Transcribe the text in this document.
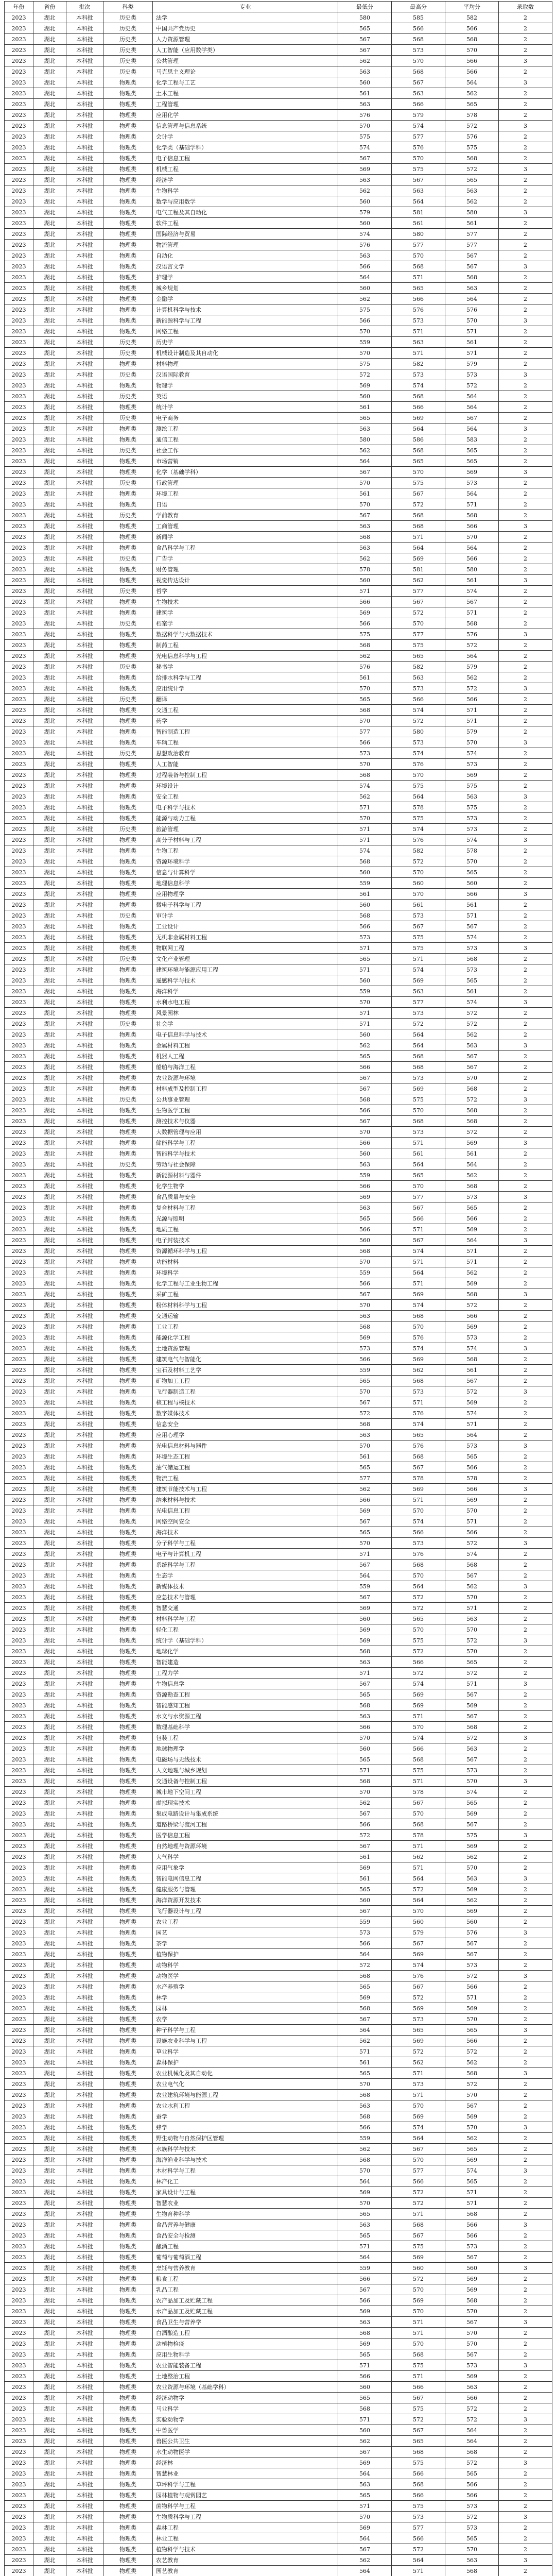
年份	省份	批次	科类	专业	最低分	最高分	平均分	录取数
2023	湖北	本科批	历史类	法学	580	585	582	2
2023	湖北	本科批	历史类	中国共产党历史	565	566	566	2
2023	湖北	本科批	历史类	人力资源管理	567	568	568	2
2023	湖北	本科批	历史类	人工智能（应用数学类）	567	573	570	2
2023	湖北	本科批	历史类	公共管理	562	570	566	3
2023	湖北	本科批	历史类	马克思主义理论	563	568	566	2
2023	湖北	本科批	物理类	化学工程与工艺	560	567	564	3
2023	湖北	本科批	物理类	土木工程	561	563	562	2
2023	湖北	本科批	物理类	工程管理	563	566	565	2
2023	湖北	本科批	物理类	应用化学	576	579	578	2
2023	湖北	本科批	物理类	信息管理与信息系统	570	574	572	3
2023	湖北	本科批	物理类	会计学	575	577	576	2
2023	湖北	本科批	物理类	化学类（基础学科）	574	576	575	2
2023	湖北	本科批	物理类	电子信息工程	567	570	568	2
2023	湖北	本科批	物理类	机械工程	569	575	572	3
2023	湖北	本科批	物理类	经济学	563	567	565	2
2023	湖北	本科批	物理类	生物科学	562	563	563	2
2023	湖北	本科批	物理类	数学与应用数学	560	564	562	2
2023	湖北	本科批	物理类	电气工程及其自动化	579	581	580	3
2023	湖北	本科批	物理类	软件工程	560	561	561	2
2023	湖北	本科批	物理类	国际经济与贸易	574	580	577	2
2023	湖北	本科批	物理类	物流管理	576	577	577	2
2023	湖北	本科批	物理类	自动化	563	570	567	2
2023	湖北	本科批	物理类	汉语言文学	566	568	567	3
2023	湖北	本科批	物理类	护理学	564	571	568	2
2023	湖北	本科批	物理类	城乡规划	560	565	563	2
2023	湖北	本科批	物理类	金融学	562	566	564	2
2023	湖北	本科批	物理类	计算机科学与技术	575	576	576	2
2023	湖北	本科批	物理类	新能源科学与工程	566	573	570	3
2023	湖北	本科批	物理类	网络工程	570	571	571	2
2023	湖北	本科批	历史类	历史学	559	563	561	2
2023	湖北	本科批	历史类	机械设计制造及其自动化	570	571	571	2
2023	湖北	本科批	物理类	材料物理	575	582	579	2
2023	湖北	本科批	历史类	汉语国际教育	572	573	573	3
2023	湖北	本科批	物理类	物理学	569	574	572	2
2023	湖北	本科批	历史类	英语	560	568	564	2
2023	湖北	本科批	物理类	统计学	561	566	564	2
2023	湖北	本科批	历史类	电子商务	565	569	567	2
2023	湖北	本科批	物理类	测绘工程	563	564	564	3
2023	湖北	本科批	物理类	通信工程	580	586	583	2
2023	湖北	本科批	历史类	社会工作	562	568	565	2
2023	湖北	本科批	物理类	市场营销	564	565	565	2
2023	湖北	本科批	物理类	化学（基础学科）	567	570	569	3
2023	湖北	本科批	历史类	行政管理	570	575	573	2
2023	湖北	本科批	物理类	环境工程	561	567	564	2
2023	湖北	本科批	物理类	日语	570	572	571	2
2023	湖北	本科批	历史类	学前教育	567	568	568	2
2023	湖北	本科批	物理类	工商管理	563	568	566	3
2023	湖北	本科批	物理类	新闻学	568	571	570	2
2023	湖北	本科批	物理类	食品科学与工程	563	564	564	2
2023	湖北	本科批	历史类	广告学	562	569	566	2
2023	湖北	本科批	物理类	财务管理	578	581	580	2
2023	湖北	本科批	物理类	视觉传达设计	560	562	561	3
2023	湖北	本科批	历史类	哲学	571	577	574	2
2023	湖北	本科批	物理类	生物技术	566	567	567	2
2023	湖北	本科批	物理类	建筑学	569	572	571	2
2023	湖北	本科批	历史类	档案学	566	570	568	2
2023	湖北	本科批	物理类	数据科学与大数据技术	575	577	576	3
2023	湖北	本科批	物理类	制药工程	568	575	572	2
2023	湖北	本科批	物理类	光电信息科学与工程	562	565	564	2
2023	湖北	本科批	历史类	秘书学	576	582	579	2
2023	湖北	本科批	物理类	给排水科学与工程	561	563	562	2
2023	湖北	本科批	物理类	应用统计学	570	573	572	3
2023	湖北	本科批	历史类	翻译	565	566	566	2
2023	湖北	本科批	物理类	交通工程	568	574	571	2
2023	湖北	本科批	物理类	药学	570	572	571	2
2023	湖北	本科批	物理类	智能制造工程	577	580	579	2
2023	湖北	本科批	物理类	车辆工程	566	573	570	3
2023	湖北	本科批	历史类	思想政治教育	573	574	574	2
2023	湖北	本科批	物理类	人工智能	570	576	573	2
2023	湖北	本科批	物理类	过程装备与控制工程	568	570	569	2
2023	湖北	本科批	物理类	环境设计	574	575	575	2
2023	湖北	本科批	物理类	安全工程	562	564	563	3
2023	湖北	本科批	物理类	电子科学与技术	571	578	575	2
2023	湖北	本科批	物理类	能源与动力工程	570	575	573	2
2023	湖北	本科批	历史类	旅游管理	571	574	573	2
2023	湖北	本科批	物理类	高分子材料与工程	571	576	574	3
2023	湖北	本科批	物理类	生物工程	574	582	578	2
2023	湖北	本科批	物理类	资源环境科学	568	572	570	2
2023	湖北	本科批	物理类	信息与计算科学	560	570	565	2
2023	湖北	本科批	物理类	地理信息科学	559	560	560	2
2023	湖北	本科批	物理类	应用物理学	561	570	566	3
2023	湖北	本科批	物理类	微电子科学与工程	560	561	561	2
2023	湖北	本科批	历史类	审计学	568	573	571	2
2023	湖北	本科批	物理类	工业设计	566	567	567	2
2023	湖北	本科批	物理类	无机非金属材料工程	573	575	574	2
2023	湖北	本科批	物理类	物联网工程	571	575	573	3
2023	湖北	本科批	历史类	文化产业管理	565	571	568	2
2023	湖北	本科批	物理类	建筑环境与能源应用工程	571	574	573	2
2023	湖北	本科批	物理类	遥感科学与技术	560	569	565	2
2023	湖北	本科批	物理类	海洋科学	559	563	561	2
2023	湖北	本科批	物理类	水利水电工程	570	577	574	3
2023	湖北	本科批	物理类	风景园林	571	573	572	2
2023	湖北	本科批	历史类	社会学	571	572	572	2
2023	湖北	本科批	物理类	电子信息科学与技术	560	564	562	2
2023	湖北	本科批	物理类	金属材料工程	562	564	563	3
2023	湖北	本科批	物理类	机器人工程	565	568	567	2
2023	湖北	本科批	物理类	船舶与海洋工程	566	568	567	2
2023	湖北	本科批	物理类	农业资源与环境	567	573	570	2
2023	湖北	本科批	物理类	材料成型及控制工程	567	569	568	2
2023	湖北	本科批	历史类	公共事业管理	568	575	572	3
2023	湖北	本科批	物理类	生物医学工程	566	570	568	2
2023	湖北	本科批	物理类	测控技术与仪器	567	568	568	2
2023	湖北	本科批	物理类	大数据管理与应用	570	573	572	2
2023	湖北	本科批	物理类	储能科学与工程	566	571	569	3
2023	湖北	本科批	物理类	智能科学与技术	560	561	561	2
2023	湖北	本科批	历史类	劳动与社会保障	563	564	564	2
2023	湖北	本科批	物理类	新能源材料与器件	559	565	562	2
2023	湖北	本科批	物理类	化学生物学	566	570	568	2
2023	湖北	本科批	物理类	食品质量与安全	569	577	573	3
2023	湖北	本科批	物理类	复合材料与工程	563	567	565	2
2023	湖北	本科批	物理类	光源与照明	565	566	566	2
2023	湖北	本科批	物理类	地质工程	566	571	569	2
2023	湖北	本科批	物理类	电子封装技术	560	567	564	3
2023	湖北	本科批	物理类	资源循环科学与工程	568	574	571	2
2023	湖北	本科批	物理类	功能材料	570	571	571	2
2023	湖北	本科批	物理类	环境科学	559	564	562	2
2023	湖北	本科批	物理类	化学工程与工业生物工程	566	571	569	2
2023	湖北	本科批	物理类	采矿工程	567	569	568	3
2023	湖北	本科批	物理类	粉体材料科学与工程	570	574	572	2
2023	湖北	本科批	物理类	交通运输	563	568	566	2
2023	湖北	本科批	物理类	工业工程	568	570	569	2
2023	湖北	本科批	物理类	能源化学工程	569	576	573	2
2023	湖北	本科批	物理类	土地资源管理	573	574	574	3
2023	湖北	本科批	物理类	建筑电气与智能化	566	569	568	2
2023	湖北	本科批	物理类	宝石及材料工艺学	559	562	561	2
2023	湖北	本科批	物理类	矿物加工工程	565	568	567	2
2023	湖北	本科批	物理类	飞行器制造工程	570	573	572	3
2023	湖北	本科批	物理类	核工程与核技术	567	571	569	2
2023	湖北	本科批	物理类	数字媒体技术	572	576	574	2
2023	湖北	本科批	物理类	信息安全	568	574	571	2
2023	湖北	本科批	物理类	应用心理学	563	565	564	2
2023	湖北	本科批	物理类	光电信息材料与器件	570	576	573	3
2023	湖北	本科批	物理类	环境生态工程	561	568	565	2
2023	湖北	本科批	物理类	油气储运工程	565	567	566	2
2023	湖北	本科批	物理类	物流工程	577	578	578	2
2023	湖北	本科批	物理类	建筑节能技术与工程	562	569	566	3
2023	湖北	本科批	物理类	纳米材料与技术	566	571	569	2
2023	湖北	本科批	物理类	光电信息工程	569	570	570	2
2023	湖北	本科批	物理类	网络空间安全	567	574	571	2
2023	湖北	本科批	物理类	海洋技术	565	566	566	2
2023	湖北	本科批	物理类	分子科学与工程	570	573	572	3
2023	湖北	本科批	物理类	电子与计算机工程	571	576	574	2
2023	湖北	本科批	物理类	系统科学与工程	567	568	568	2
2023	湖北	本科批	物理类	生态学	564	570	567	2
2023	湖北	本科批	物理类	新媒体技术	559	564	562	3
2023	湖北	本科批	物理类	应急技术与管理	567	572	570	2
2023	湖北	本科批	物理类	智慧交通	569	572	571	2
2023	湖北	本科批	物理类	材料科学与工程	560	565	563	2
2023	湖北	本科批	物理类	轻化工程	569	570	570	2
2023	湖北	本科批	物理类	统计学（基础学科）	569	575	572	3
2023	湖北	本科批	物理类	地球化学	568	572	570	2
2023	湖北	本科批	物理类	智能建造	563	566	565	2
2023	湖北	本科批	物理类	工程力学	571	572	572	2
2023	湖北	本科批	物理类	生物信息学	567	574	571	3
2023	湖北	本科批	物理类	资源勘查工程	565	569	567	2
2023	湖北	本科批	物理类	智能感知工程	568	569	569	2
2023	湖北	本科批	物理类	水文与水资源工程	563	571	567	2
2023	湖北	本科批	物理类	数理基础科学	566	570	568	2
2023	湖北	本科批	物理类	包装工程	570	574	572	3
2023	湖北	本科批	物理类	地球物理学	560	566	563	2
2023	湖北	本科批	物理类	电磁场与无线技术	565	568	567	2
2023	湖北	本科批	物理类	人文地理与城乡规划	571	575	573	2
2023	湖北	本科批	物理类	交通设备与控制工程	568	571	570	3
2023	湖北	本科批	物理类	城市地下空间工程	570	578	574	2
2023	湖北	本科批	物理类	虚拟现实技术	562	567	565	2
2023	湖北	本科批	物理类	集成电路设计与集成系统	567	570	569	2
2023	湖北	本科批	物理类	道路桥梁与渡河工程	566	568	567	2
2023	湖北	本科批	物理类	医学信息工程	572	578	575	3
2023	湖北	本科批	物理类	自然地理与资源环境	567	571	569	2
2023	湖北	本科批	物理类	大气科学	561	562	562	2
2023	湖北	本科批	物理类	应用气象学	569	571	570	2
2023	湖北	本科批	物理类	智能电网信息工程	561	564	563	3
2023	湖北	本科批	物理类	健康服务与管理	565	572	569	2
2023	湖北	本科批	物理类	海洋资源开发技术	560	564	562	2
2023	湖北	本科批	物理类	飞行器设计与工程	567	570	569	2
2023	湖北	本科批	物理类	农业工程	559	560	560	2
2023	湖北	本科批	物理类	园艺	573	579	576	3
2023	湖北	本科批	物理类	茶学	566	567	567	2
2023	湖北	本科批	物理类	植物保护	564	569	567	2
2023	湖北	本科批	物理类	动物科学	572	574	573	2
2023	湖北	本科批	物理类	动物医学	568	576	572	3
2023	湖北	本科批	物理类	水产养殖学	565	567	566	2
2023	湖北	本科批	物理类	林学	569	572	571	2
2023	湖北	本科批	物理类	园林	568	569	569	2
2023	湖北	本科批	物理类	农学	567	573	570	2
2023	湖北	本科批	物理类	种子科学与工程	564	565	565	3
2023	湖北	本科批	物理类	设施农业科学与工程	562	569	566	2
2023	湖北	本科批	物理类	草业科学	571	572	572	2
2023	湖北	本科批	物理类	森林保护	561	562	562	2
2023	湖北	本科批	物理类	农业机械化及其自动化	565	571	568	3
2023	湖北	本科批	物理类	农业电气化	570	573	572	2
2023	湖北	本科批	物理类	农业建筑环境与能源工程	568	571	570	2
2023	湖北	本科批	物理类	农业水利工程	563	570	567	2
2023	湖北	本科批	物理类	蚕学	568	569	569	2
2023	湖北	本科批	物理类	蜂学	566	574	570	3
2023	湖北	本科批	物理类	野生动物与自然保护区管理	559	564	562	2
2023	湖北	本科批	物理类	水族科学与技术	562	567	565	2
2023	湖北	本科批	物理类	海洋渔业科学与技术	568	570	569	2
2023	湖北	本科批	物理类	木材科学与工程	570	577	574	3
2023	湖北	本科批	物理类	林产化工	564	566	565	2
2023	湖北	本科批	物理类	家具设计与工程	569	572	571	2
2023	湖北	本科批	物理类	智慧农业	570	572	571	2
2023	湖北	本科批	物理类	生物育种科学	565	571	568	2
2023	湖北	本科批	物理类	食品营养与健康	563	568	566	3
2023	湖北	本科批	物理类	食品安全与检测	565	567	566	2
2023	湖北	本科批	物理类	酿酒工程	571	575	573	2
2023	湖北	本科批	物理类	葡萄与葡萄酒工程	564	569	567	2
2023	湖北	本科批	物理类	烹饪与营养教育	559	560	560	3
2023	湖北	本科批	物理类	粮食工程	566	572	569	2
2023	湖北	本科批	物理类	乳品工程	567	570	569	2
2023	湖北	本科批	物理类	农产品加工及贮藏工程	566	569	568	2
2023	湖北	本科批	物理类	水产品加工及贮藏工程	569	570	570	2
2023	湖北	本科批	物理类	食品卫生与营养学	563	571	567	3
2023	湖北	本科批	物理类	白酒酿造工程	568	571	570	2
2023	湖北	本科批	物理类	动植物检疫	569	570	570	2
2023	湖北	本科批	物理类	应用生物科学	565	568	567	2
2023	湖北	本科批	物理类	农业智能装备工程	571	575	573	3
2023	湖北	本科批	物理类	土地整治工程	566	571	569	2
2023	湖北	本科批	物理类	农业资源与环境（基础学科）	560	566	563	2
2023	湖北	本科批	物理类	经济动物学	565	567	566	2
2023	湖北	本科批	物理类	马业科学	568	575	572	2
2023	湖北	本科批	物理类	实验动物学	571	572	572	3
2023	湖北	本科批	物理类	中兽医学	560	567	564	2
2023	湖北	本科批	物理类	兽医公共卫生	562	565	564	2
2023	湖北	本科批	物理类	水生动物医学	567	568	568	2
2023	湖北	本科批	物理类	经济林	569	575	572	3
2023	湖北	本科批	物理类	智慧林业	564	566	565	2
2023	湖北	本科批	物理类	草坪科学与工程	563	568	566	2
2023	湖北	本科批	物理类	园林植物与观赏园艺	565	566	566	2
2023	湖北	本科批	物理类	菌物科学与工程	571	575	573	2
2023	湖北	本科批	物理类	生物质科学与工程	570	573	572	3
2023	湖北	本科批	物理类	森林工程	569	577	573	2
2023	湖北	本科批	物理类	林业工程	564	566	565	2
2023	湖北	本科批	物理类	植物科学与技术	567	572	570	2
2023	湖北	本科批	物理类	农艺教育	562	564	563	3
2023	湖北	本科批	物理类	园艺教育	564	571	568	2
